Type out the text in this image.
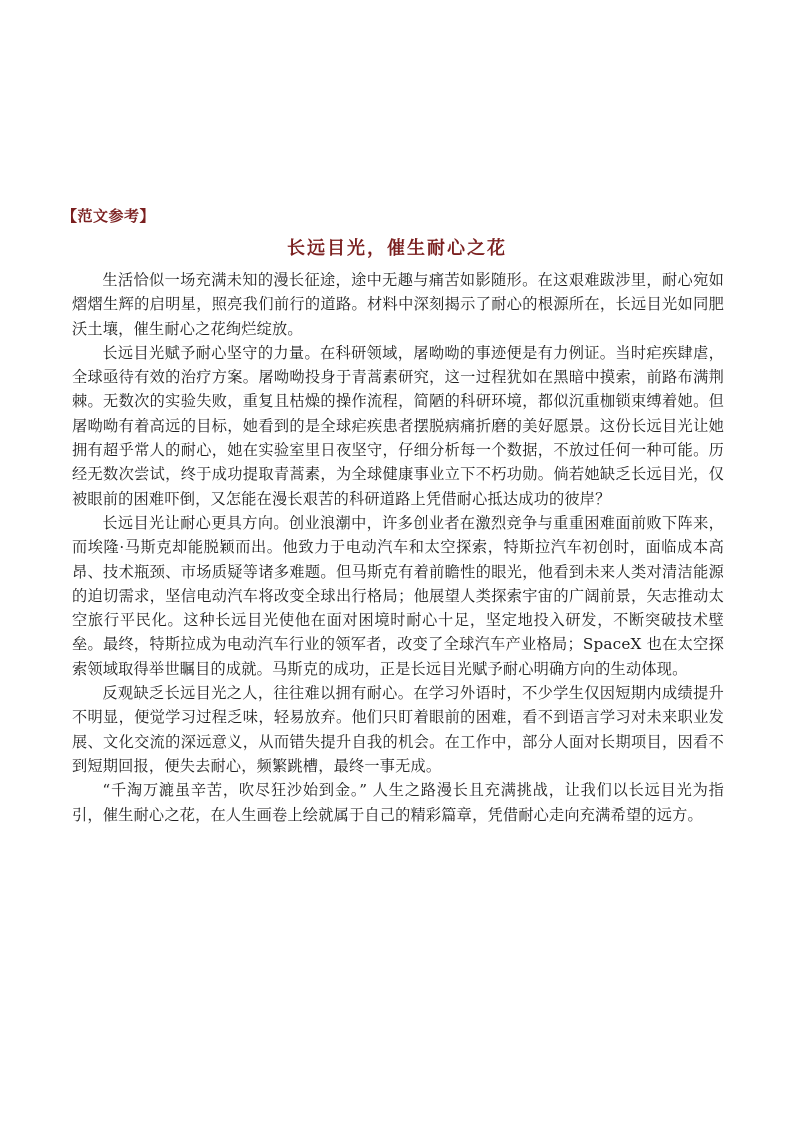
【范文参考】
长远目光，催生耐心之花

生活恰似一场充满未知的漫长征途，途中无趣与痛苦如影随形。在这艰难跋涉里，耐心宛如熠熠生辉的启明星，照亮我们前行的道路。材料中深刻揭示了耐心的根源所在，长远目光如同肥沃土壤，催生耐心之花绚烂绽放。

长远目光赋予耐心坚守的力量。在科研领域，屠呦呦的事迹便是有力例证。当时疟疾肆虐，全球亟待有效的治疗方案。屠呦呦投身于青蒿素研究，这一过程犹如在黑暗中摸索，前路布满荆棘。无数次的实验失败，重复且枯燥的操作流程，简陋的科研环境，都似沉重枷锁束缚着她。但屠呦呦有着高远的目标，她看到的是全球疟疾患者摆脱病痛折磨的美好愿景。这份长远目光让她拥有超乎常人的耐心，她在实验室里日夜坚守，仔细分析每一个数据，不放过任何一种可能。历经无数次尝试，终于成功提取青蒿素，为全球健康事业立下不朽功勋。倘若她缺乏长远目光，仅被眼前的困难吓倒，又怎能在漫长艰苦的科研道路上凭借耐心抵达成功的彼岸？

长远目光让耐心更具方向。创业浪潮中，许多创业者在激烈竞争与重重困难面前败下阵来，而埃隆·马斯克却能脱颖而出。他致力于电动汽车和太空探索，特斯拉汽车初创时，面临成本高昂、技术瓶颈、市场质疑等诸多难题。但马斯克有着前瞻性的眼光，他看到未来人类对清洁能源的迫切需求，坚信电动汽车将改变全球出行格局；他展望人类探索宇宙的广阔前景，矢志推动太空旅行平民化。这种长远目光使他在面对困境时耐心十足，坚定地投入研发，不断突破技术壁垒。最终，特斯拉成为电动汽车行业的领军者，改变了全球汽车产业格局；SpaceX 也在太空探索领域取得举世瞩目的成就。马斯克的成功，正是长远目光赋予耐心明确方向的生动体现。

反观缺乏长远目光之人，往往难以拥有耐心。在学习外语时，不少学生仅因短期内成绩提升不明显，便觉学习过程乏味，轻易放弃。他们只盯着眼前的困难，看不到语言学习对未来职业发展、文化交流的深远意义，从而错失提升自我的机会。在工作中，部分人面对长期项目，因看不到短期回报，便失去耐心，频繁跳槽，最终一事无成。

“千淘万漉虽辛苦，吹尽狂沙始到金。” 人生之路漫长且充满挑战，让我们以长远目光为指引，催生耐心之花，在人生画卷上绘就属于自己的精彩篇章，凭借耐心走向充满希望的远方。
